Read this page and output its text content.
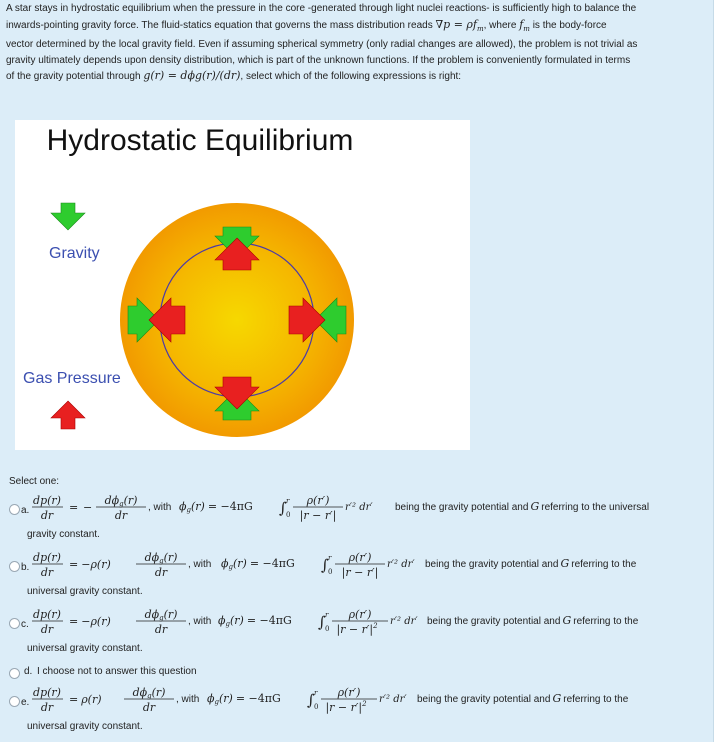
A star stays in hydrostatic equilibrium when the pressure in the core -generated through light nuclei reactions- is sufficiently high to balance the
inwards-pointing gravity force. The fluid-statics equation that governs the mass distribution reads $\nabla p = \rho f_m$, where $f_m$ is the body-force
vector determined by the local gravity field. Even if assuming spherical symmetry (only radial changes are allowed), the problem is not trivial as
gravity ultimately depends upon density distribution, which is part of the unknown functions. If the problem is conveniently formulated in terms
of the gravity potential through g(r) = dϕg(r)/(dr), select which of the following expressions is right:
Hydrostatic Equilibrium
Gravity
Gas Pressure
Select one:
a.
dp(r)
dr
= −
dϕg(r)
dr
, with ϕg(r) = −4πG ∫ r
0
ρ(r′)
|r − r′|
r′² dr′ being the gravity potential and G referring to the universal
gravity constant.
b.
dp(r)
dr
= −ρ(r)
dϕg(r)
dr
, with ϕg(r) = −4πG ∫ r
0
ρ(r′)
|r − r′|
r′² dr′ being the gravity potential and G referring to the
universal gravity constant.
c.
dp(r)
dr
= −ρ(r)
dϕg(r)
dr
, with ϕg(r) = −4πG ∫ r
0
ρ(r′)
$|r - r'|^2$ r′² dr′ being the gravity potential and G referring to the
universal gravity constant.
d. I choose not to answer this question
e.
dp(r)
dr
= ρ(r)
dϕg(r)
dr
, with ϕg(r) = −4πG ∫ r
0
ρ(r′)
$|r - r'|^2$ r′² dr′ being the gravity potential and G referring to the
universal gravity constant.
